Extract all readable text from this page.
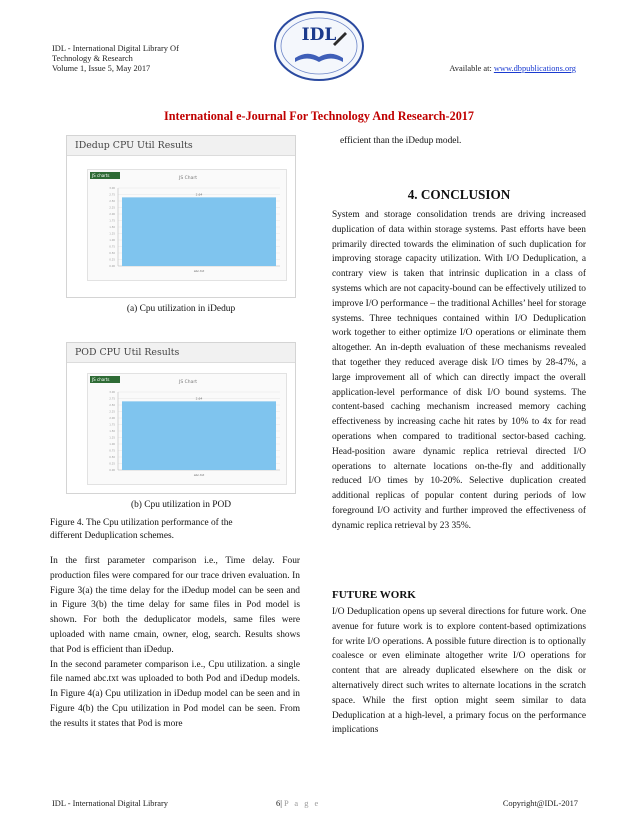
IDL - International Digital Library Of
Technology & Research
Volume 1, Issue 5, May 2017
IDL
Available at: www.dbpublications.org
International e-Journal For Technology And Research-2017
IDedup CPU Util Results
0.00
0.25
0.50
0.75
1.00
1.25
1.50
1.75
2.00
2.25
2.50
2.75
3.00
2.64
abc.txt
JS charts
JS Chart
(a) Cpu utilization in iDedup
POD CPU Util Results
0.00
0.25
0.50
0.75
1.00
1.25
1.50
1.75
2.00
2.25
2.50
2.75
3.00
2.64
abc.txt
JS charts
JS Chart
(b) Cpu utilization in POD
Figure 4. The Cpu utilization performance of the
different Deduplication schemes.

In the first parameter comparison i.e., Time delay. Four production files were compared for our trace driven evaluation. In Figure 3(a) the time delay for the iDedup model can be seen and in Figure 3(b) the time delay for same files in Pod model is shown. For both the deduplicator models, same files were uploaded with name cmain, owner, elog, search. Results shows that Pod is efficient than iDedup.

In the second parameter comparison i.e., Cpu utilization. a single file named abc.txt was uploaded to both Pod and iDedup models. In Figure 4(a) Cpu utilization in iDedup model can be seen and in Figure 4(b) the Cpu utilization in Pod model can be seen. From the results it states that Pod is more

efficient than the iDedup model.
4. CONCLUSION
System and storage consolidation trends are driving increased duplication of data within storage systems. Past efforts have been primarily directed towards the elimination of such duplication for improving storage capacity utilization. With I/O Deduplication, a contrary view is taken that intrinsic duplication in a class of systems which are not capacity-bound can be effectively utilized to improve I/O performance – the traditional Achilles’ heel for storage systems. Three techniques contained within I/O Deduplication work together to either optimize I/O operations or eliminate them altogether. An in-depth evaluation of these mechanisms revealed that together they reduced average disk I/O times by 28-47%, a large improvement all of which can directly impact the overall application-level performance of disk I/O bound systems. The content-based caching mechanism increased memory caching effectiveness by increasing cache hit rates by 10% to 4x for read operations when compared to traditional sector-based caching. Head-position aware dynamic replica retrieval directed I/O operations to alternate locations on-the-fly and additionally reduced I/O times by 10-20%. Selective duplication created additional replicas of popular content during periods of low foreground I/O activity and further improved the effectiveness of dynamic replica retrieval by 23 35%.
FUTURE WORK
I/O Deduplication opens up several directions for future work. One avenue for future work is to explore content-based optimizations for write I/O operations. A possible future direction is to optionally coalesce or even eliminate altogether write I/O operations for content that are already duplicated elsewhere on the disk or alternatively direct such writes to alternate locations in the scratch space. While the first option might seem similar to data Deduplication at a high-level, a primary focus on the performance implications
IDL - International Digital Library	6| P a g e	Copyright@IDL-2017
